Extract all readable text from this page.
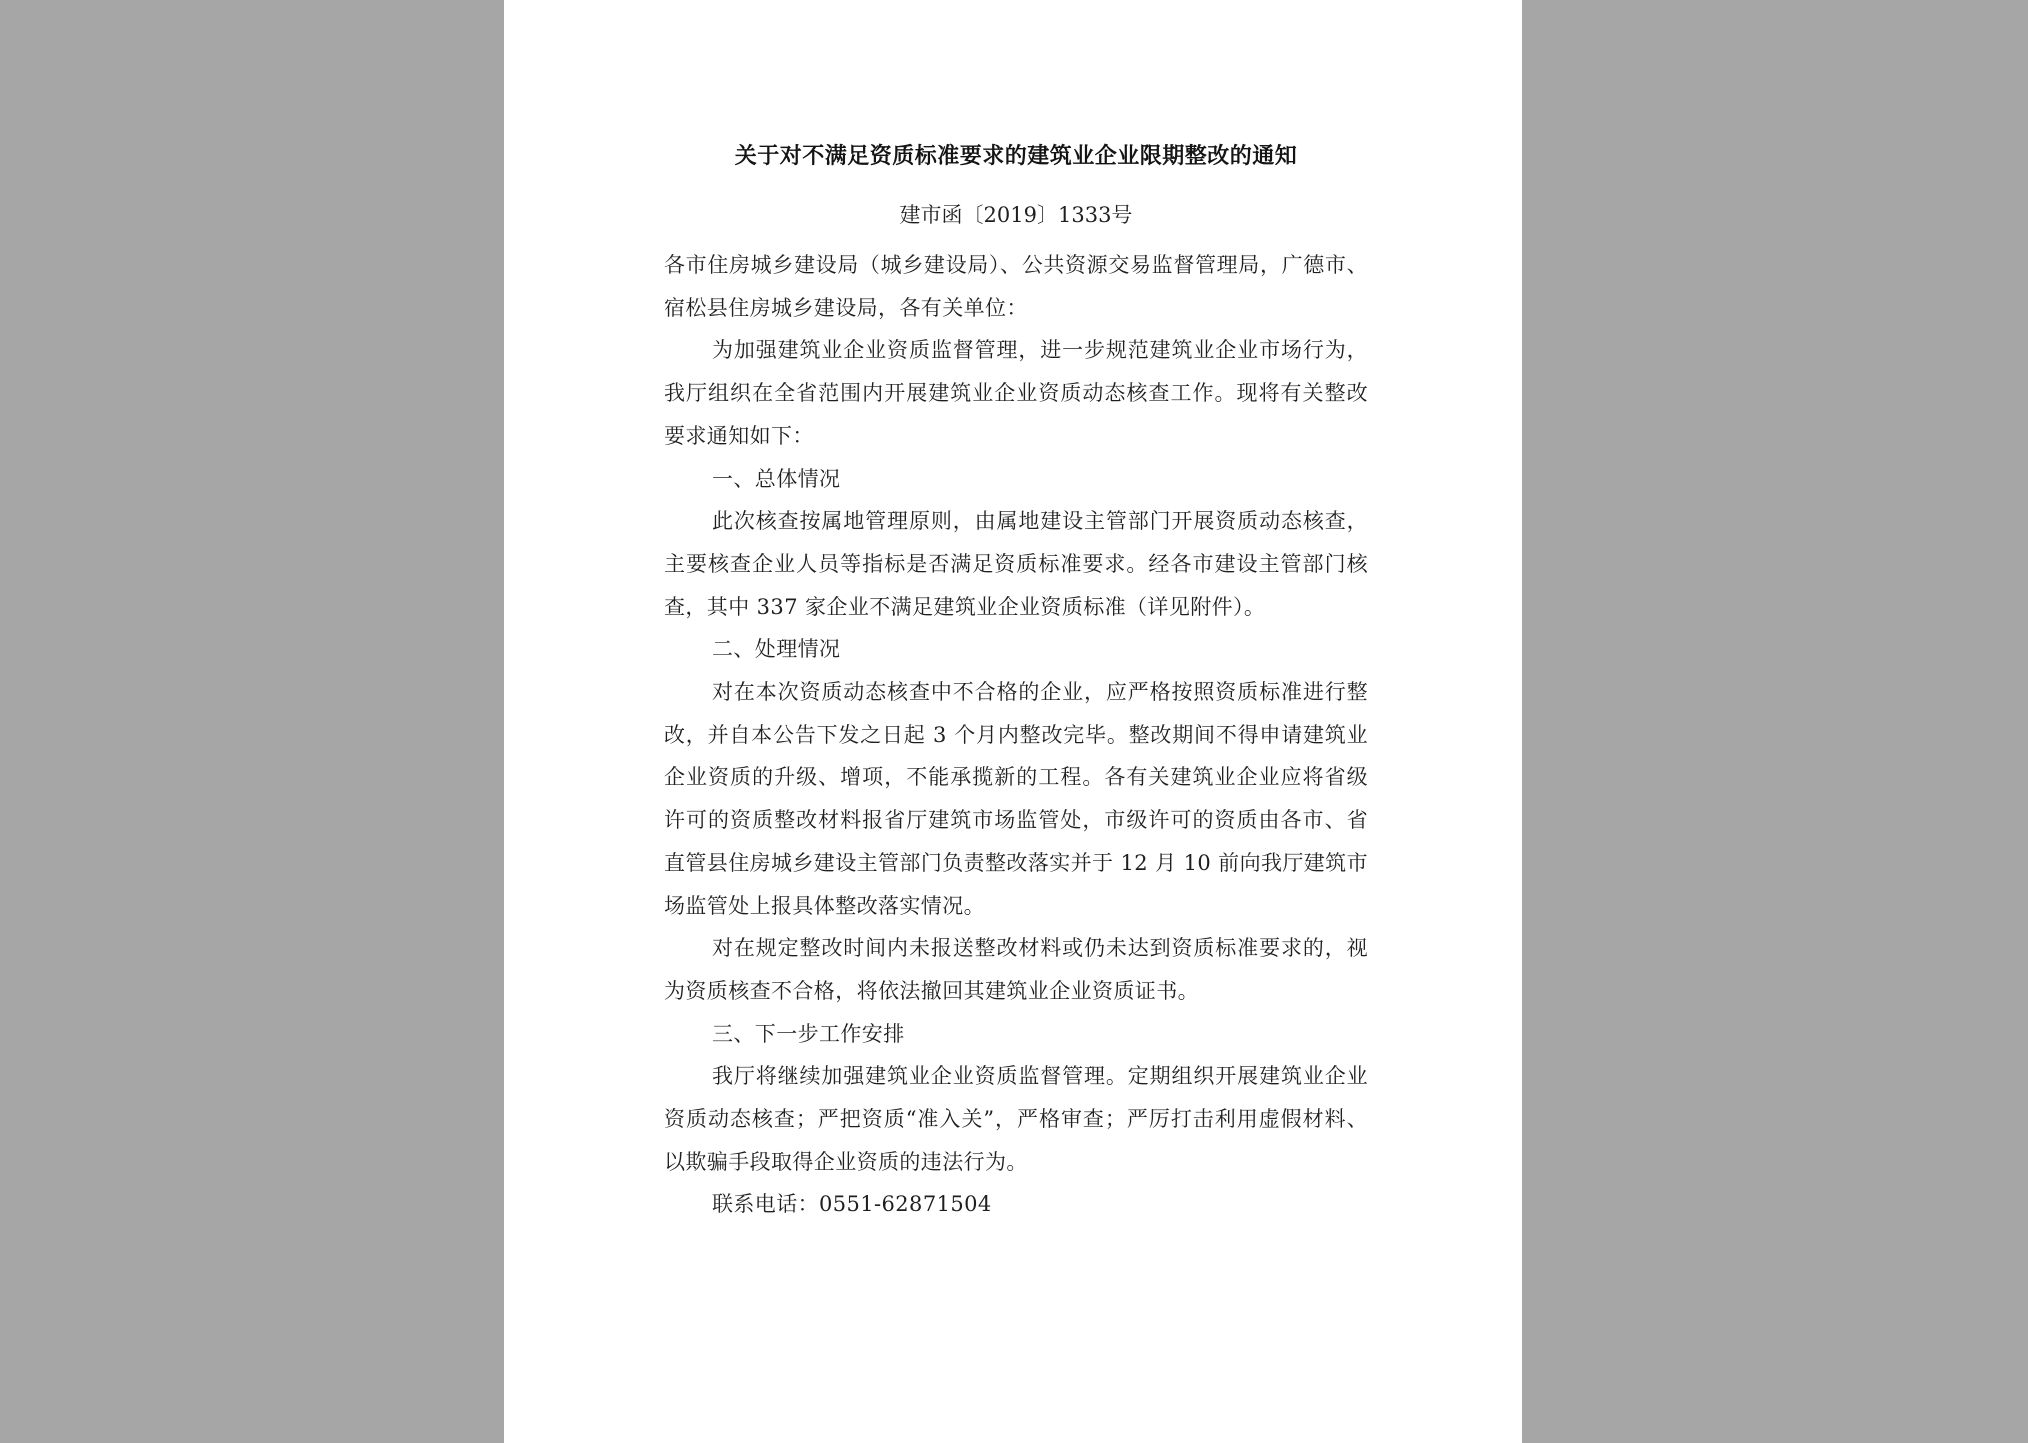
关于对不满足资质标准要求的建筑业企业限期整改的通知
建市函〔2019〕1333号

各市住房城乡建设局（城乡建设局）、公共资源交易监督管理局，广德市、宿松县住房城乡建设局，各有关单位：

为加强建筑业企业资质监督管理，进一步规范建筑业企业市场行为，我厅组织在全省范围内开展建筑业企业资质动态核查工作。现将有关整改要求通知如下：

一、总体情况

此次核查按属地管理原则，由属地建设主管部门开展资质动态核查，主要核查企业人员等指标是否满足资质标准要求。经各市建设主管部门核查，其中 337 家企业不满足建筑业企业资质标准（详见附件）。

二、处理情况

对在本次资质动态核查中不合格的企业，应严格按照资质标准进行整改，并自本公告下发之日起 3 个月内整改完毕。整改期间不得申请建筑业企业资质的升级、增项，不能承揽新的工程。各有关建筑业企业应将省级许可的资质整改材料报省厅建筑市场监管处，市级许可的资质由各市、省直管县住房城乡建设主管部门负责整改落实并于 12 月 10 前向我厅建筑市场监管处上报具体整改落实情况。

对在规定整改时间内未报送整改材料或仍未达到资质标准要求的，视为资质核查不合格，将依法撤回其建筑业企业资质证书。

三、下一步工作安排

我厅将继续加强建筑业企业资质监督管理。定期组织开展建筑业企业资质动态核查；严把资质“准入关”，严格审查；严厉打击利用虚假材料、以欺骗手段取得企业资质的违法行为。

联系电话：0551-62871504
